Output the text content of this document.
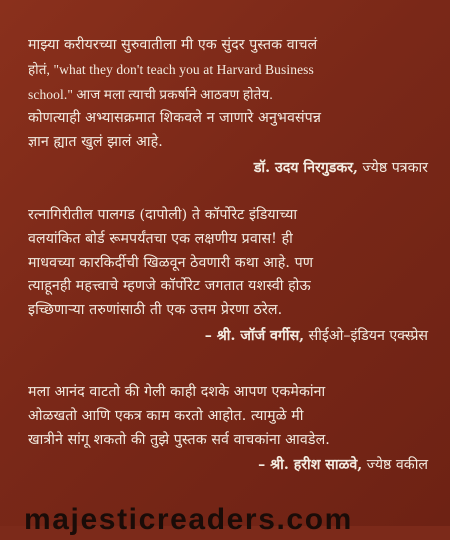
माझ्या करीयरच्या सुरुवातीला मी एक सुंदर पुस्तक वाचलं
होतं, "what they don't teach you at Harvard Business
school." आज मला त्याची प्रकर्षाने आठवण होतेय.
कोणत्याही अभ्यासक्रमात शिकवले न जाणारे अनुभवसंपन्न
ज्ञान ह्यात खुलं झालं आहे.

डॉ. उदय निरगुडकर, ज्येष्ठ पत्रकार

रत्नागिरीतील पालगड (दापोली) ते कॉर्पोरेट इंडियाच्या
वलयांकित बोर्ड रूमपर्यंतचा एक लक्षणीय प्रवास! ही
माधवच्या कारकिर्दीची खिळवून ठेवणारी कथा आहे. पण
त्याहूनही महत्त्वाचे म्हणजे कॉर्पोरेट जगतात यशस्वी होऊ
इच्छिणाऱ्या तरुणांसाठी ती एक उत्तम प्रेरणा ठरेल.

– श्री. जॉर्ज वर्गीस, सीईओ–इंडियन एक्स्प्रेस

मला आनंद वाटतो की गेली काही दशके आपण एकमेकांना
ओळखतो आणि एकत्र काम करतो आहोत. त्यामुळे मी
खात्रीने सांगू शकतो की तुझे पुस्तक सर्व वाचकांना आवडेल.

– श्री. हरीश साळवे, ज्येष्ठ वकील

majesticreaders.com
